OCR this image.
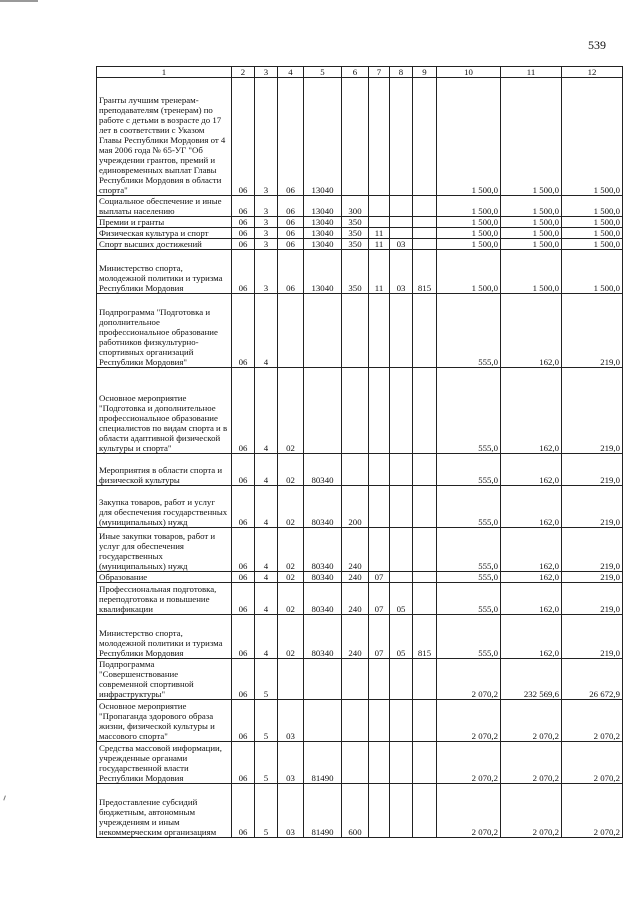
539
1	2	3	4	5	6	7	8	9	10	11	12
Гранты лучшим тренерам-преподавателям (тренерам) по работе с детьми в возрасте до 17 лет в соответствии с Указом Главы Республики Мордовия от 4 мая 2006 года № 65-УГ "Об учреждении грантов, премий и единовременных выплат Главы Республики Мордовия в области спорта"	06	3	06	13040					1 500,0	1 500,0	1 500,0
Социальное обеспечение и иные выплаты населению	06	3	06	13040	300				1 500,0	1 500,0	1 500,0
Премии и гранты	06	3	06	13040	350				1 500,0	1 500,0	1 500,0
Физическая культура и спорт	06	3	06	13040	350	11			1 500,0	1 500,0	1 500,0
Спорт высших достижений	06	3	06	13040	350	11	03		1 500,0	1 500,0	1 500,0
Министерство спорта, молодежной политики и туризма Республики Мордовия	06	3	06	13040	350	11	03	815	1 500,0	1 500,0	1 500,0
Подпрограмма "Подготовка и дополнительное профессиональное образование работников физкультурно-спортивных организаций Республики Мордовия"	06	4							555,0	162,0	219,0
Основное мероприятие "Подготовка и дополнительное профессиональное образование специалистов по видам спорта и в области адаптивной физической культуры и спорта"	06	4	02						555,0	162,0	219,0
Мероприятия в области спорта и физической культуры	06	4	02	80340					555,0	162,0	219,0
Закупка товаров, работ и услуг для обеспечения государственных (муниципальных) нужд	06	4	02	80340	200				555,0	162,0	219,0
Иные закупки товаров, работ и услуг для обеспечения государственных (муниципальных) нужд	06	4	02	80340	240				555,0	162,0	219,0
Образование	06	4	02	80340	240	07			555,0	162,0	219,0
Профессиональная подготовка, переподготовка и повышение квалификации	06	4	02	80340	240	07	05		555,0	162,0	219,0
Министерство спорта, молодежной политики и туризма Республики Мордовия	06	4	02	80340	240	07	05	815	555,0	162,0	219,0
Подпрограмма "Совершенствование современной спортивной инфраструктуры"	06	5							2 070,2	232 569,6	26 672,9
Основное мероприятие "Пропаганда здорового образа жизни, физической культуры и массового спорта"	06	5	03						2 070,2	2 070,2	2 070,2
Средства массовой информации, учрежденные органами государственной власти Республики Мордовия	06	5	03	81490					2 070,2	2 070,2	2 070,2
Предоставление субсидий бюджетным, автономным учреждениям и иным некоммерческим организациям	06	5	03	81490	600				2 070,2	2 070,2	2 070,2
